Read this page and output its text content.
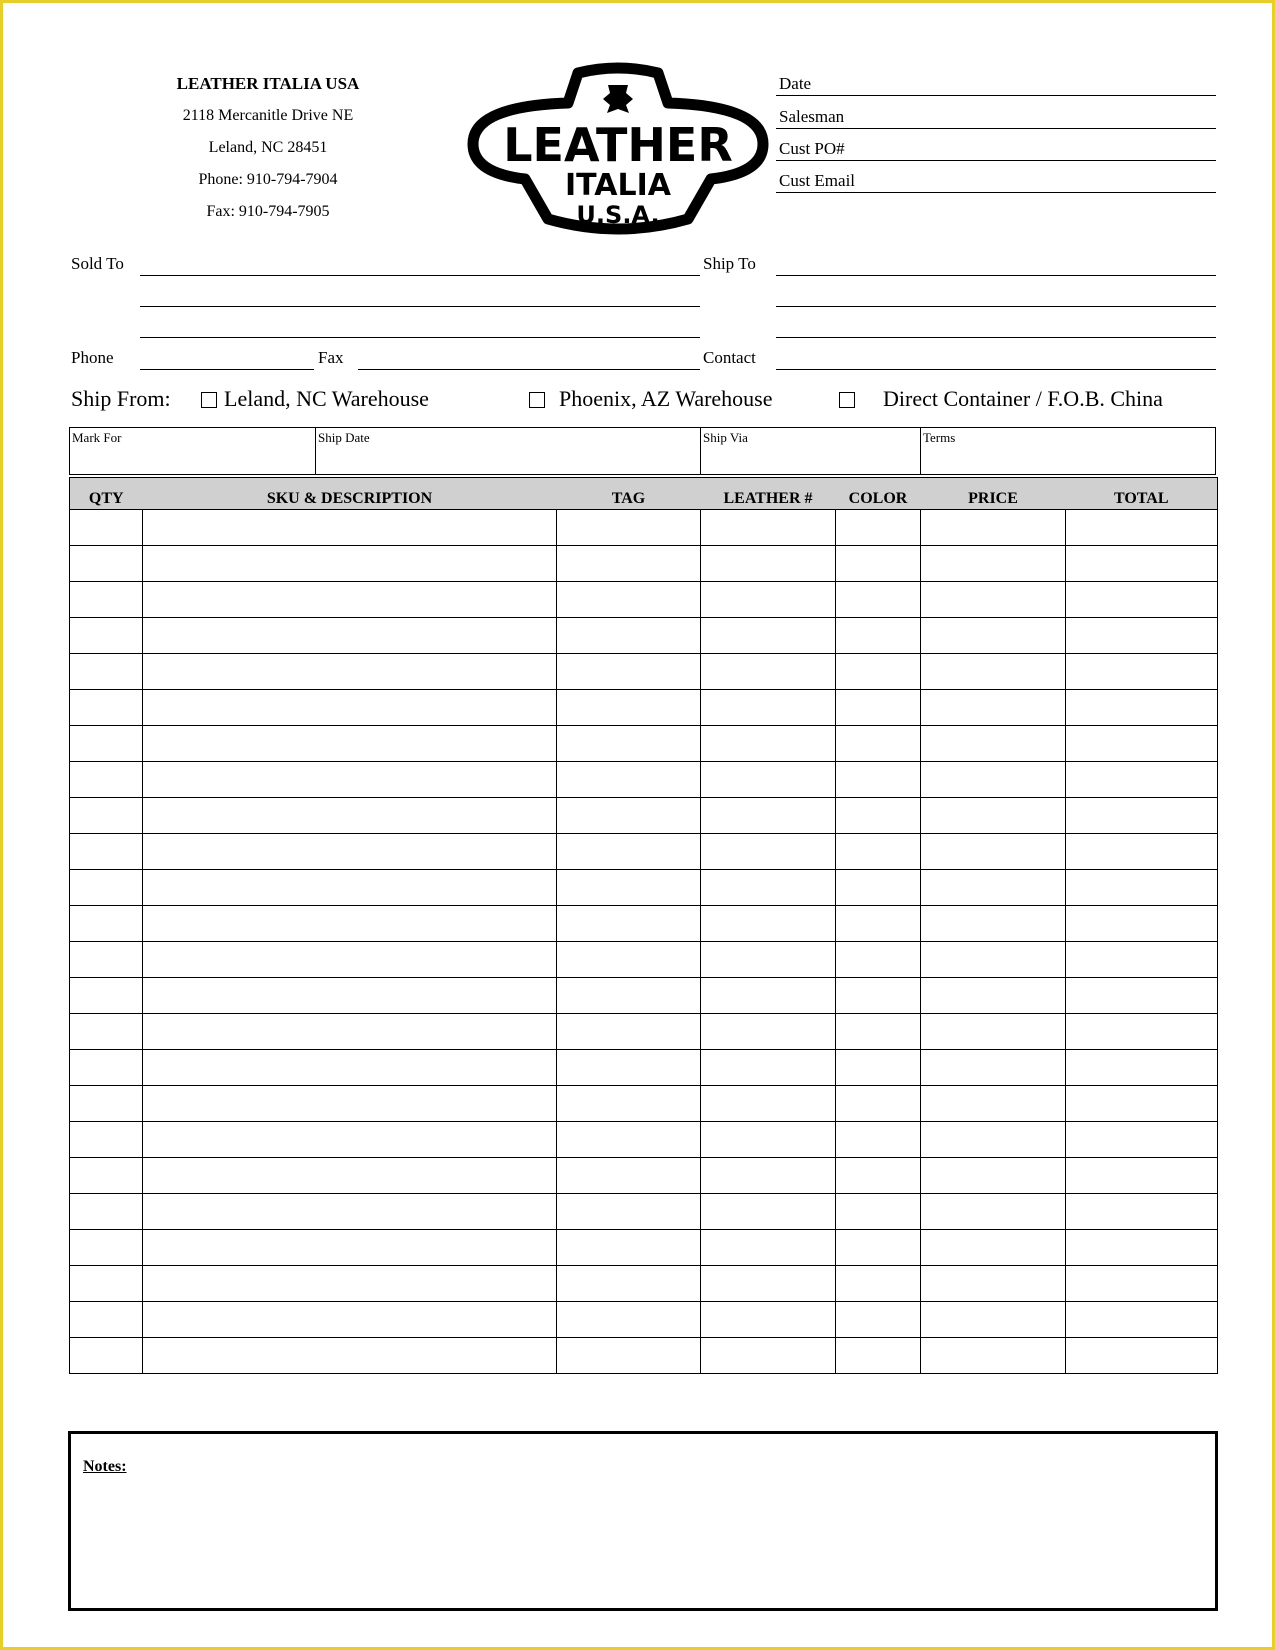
LEATHER ITALIA USA
2118 Mercanitle Drive NE
Leland, NC 28451
Phone: 910-794-7904
Fax: 910-794-7905
LEATHER
ITALIA
U.S.A.
Date
Salesman
Cust PO#
Cust Email
Sold To	Ship To
Phone	Fax	Contact
Ship From: Leland, NC Warehouse	Phoenix, AZ Warehouse	Direct Container / F.O.B. China
Mark For	Ship Date	Ship Via	Terms
QTY	SKU & DESCRIPTION	TAG	LEATHER #	COLOR	PRICE	TOTAL

Notes:
